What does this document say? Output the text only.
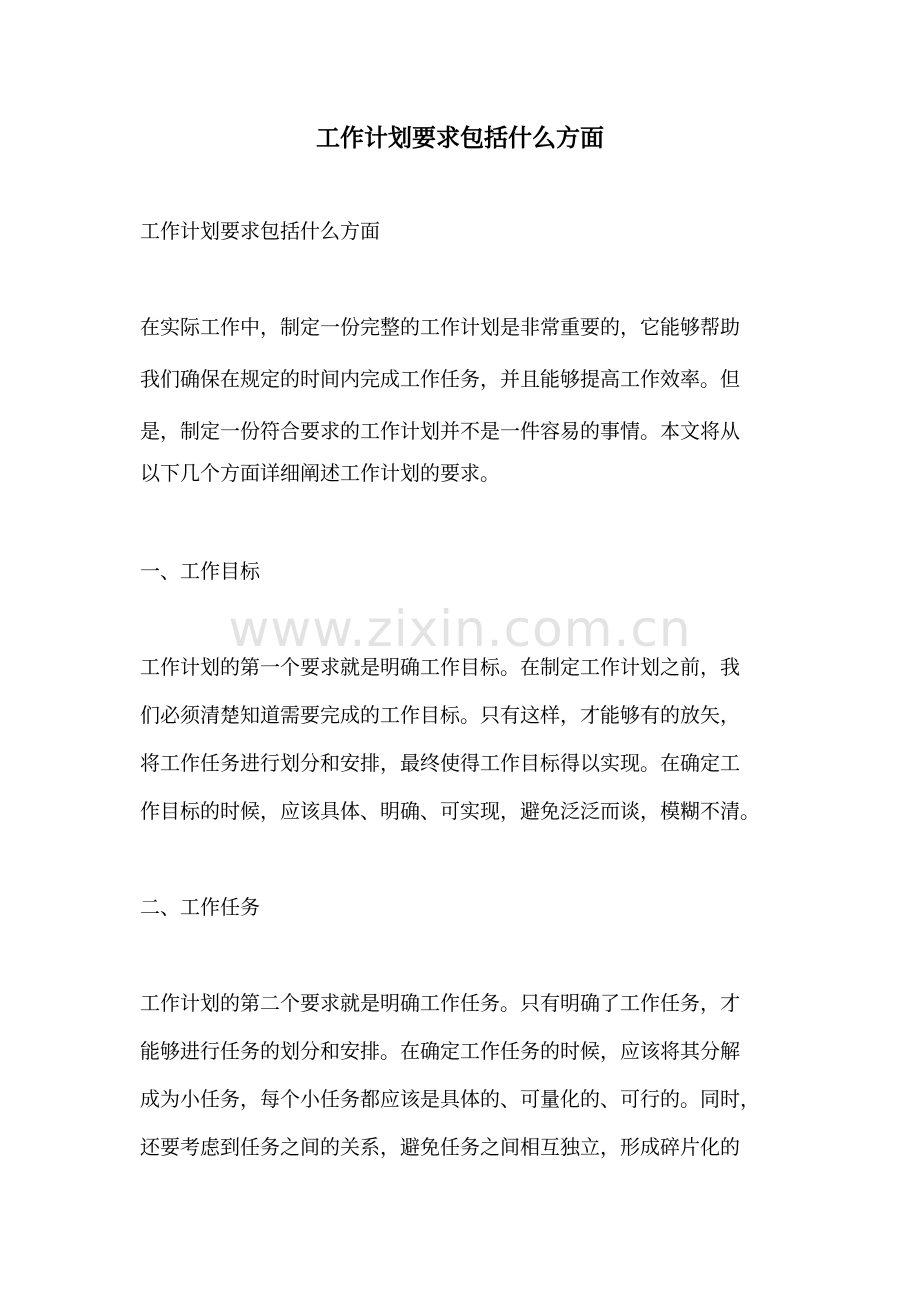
工作计划要求包括什么方面

工作计划要求包括什么方面

在实际工作中，制定一份完整的工作计划是非常重要的，它能够帮助

我们确保在规定的时间内完成工作任务，并且能够提高工作效率。但

是，制定一份符合要求的工作计划并不是一件容易的事情。本文将从

以下几个方面详细阐述工作计划的要求。

一、工作目标

工作计划的第一个要求就是明确工作目标。在制定工作计划之前，我

们必须清楚知道需要完成的工作目标。只有这样，才能够有的放矢，

将工作任务进行划分和安排，最终使得工作目标得以实现。在确定工

作目标的时候，应该具体、明确、可实现，避免泛泛而谈，模糊不清。

二、工作任务

工作计划的第二个要求就是明确工作任务。只有明确了工作任务，才

能够进行任务的划分和安排。在确定工作任务的时候，应该将其分解

成为小任务，每个小任务都应该是具体的、可量化的、可行的。同时，

还要考虑到任务之间的关系，避免任务之间相互独立，形成碎片化的

www.zixin.com.cn
